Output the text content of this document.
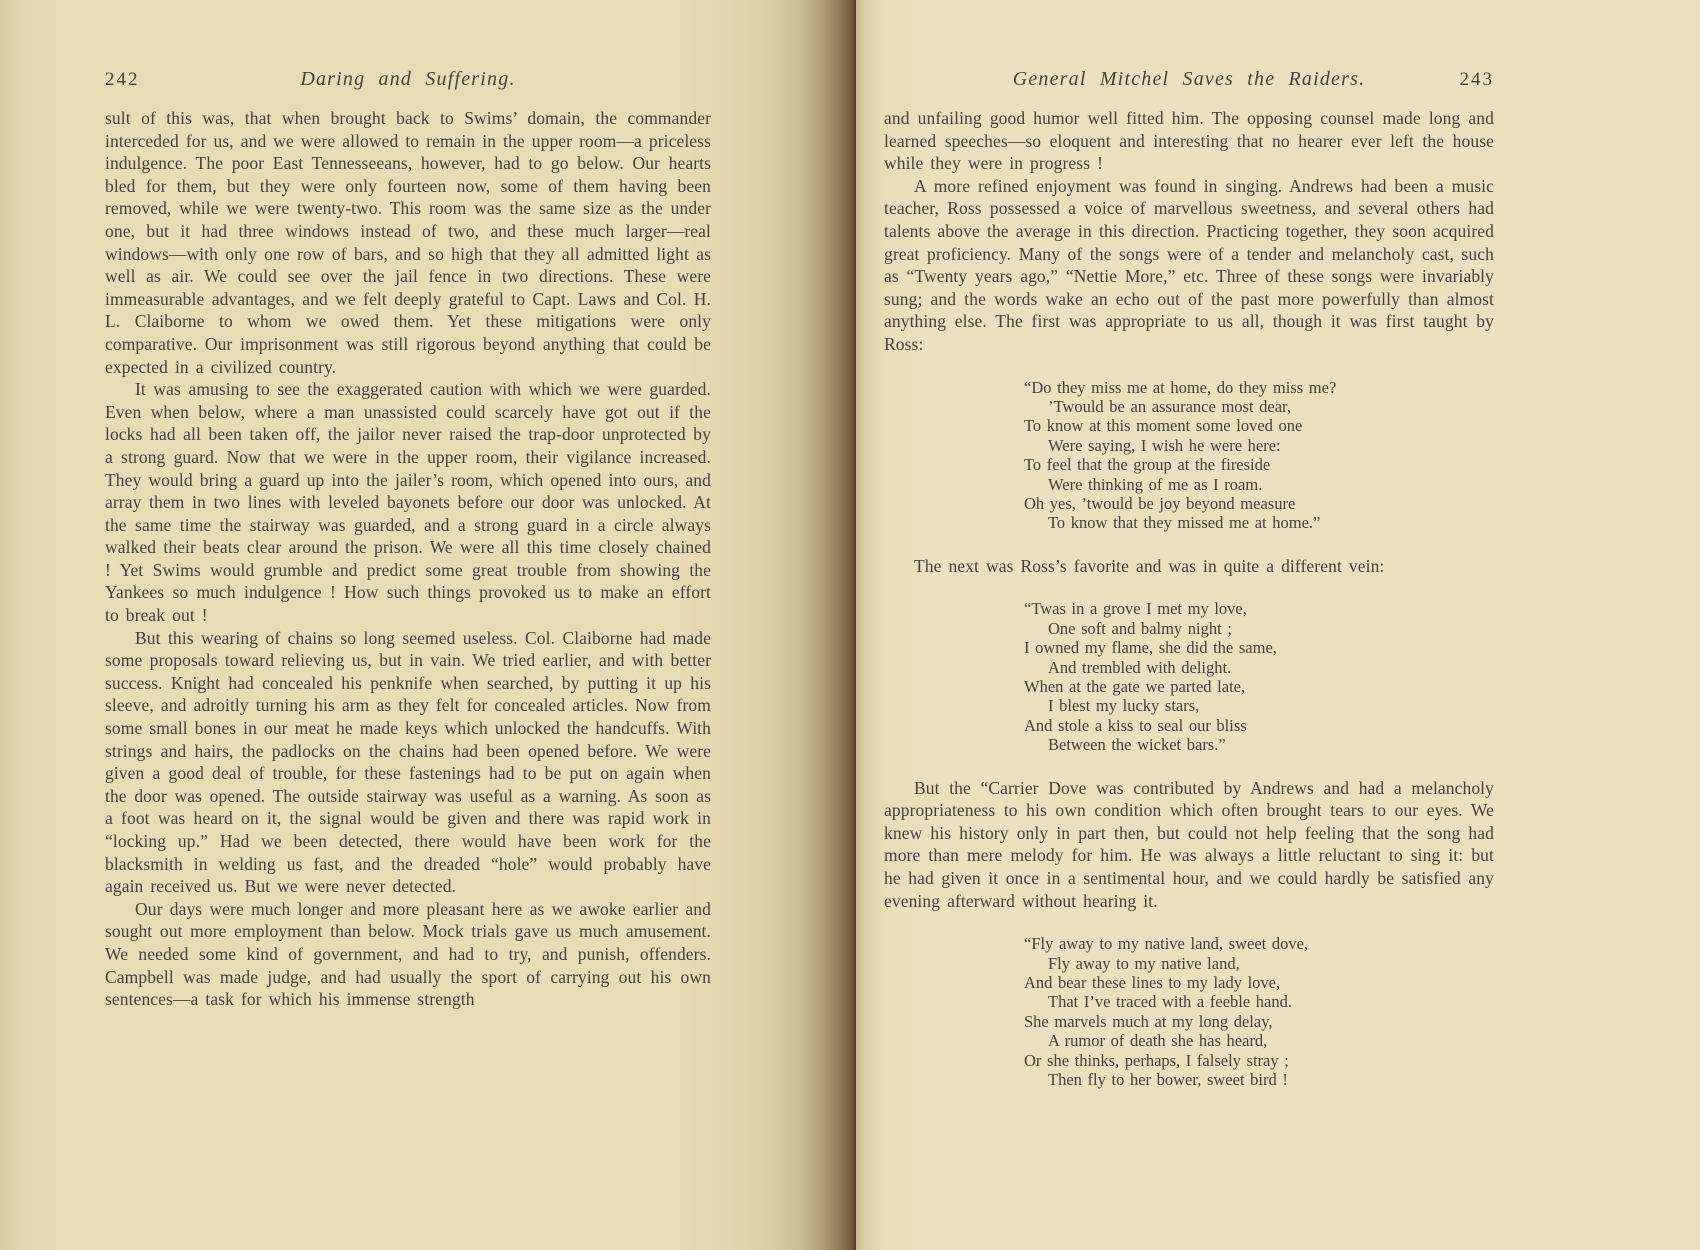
242	Daring and Suffering.

sult of this was, that when brought back to Swims’ domain, the commander interceded for us, and we were allowed to remain in the upper room—a priceless indulgence. The poor East Tennesseeans, however, had to go below. Our hearts bled for them, but they were only fourteen now, some of them having been removed, while we were twenty-two. This room was the same size as the under one, but it had three windows instead of two, and these much larger—real windows—with only one row of bars, and so high that they all admitted light as well as air. We could see over the jail fence in two directions. These were immeasurable advantages, and we felt deeply grateful to Capt. Laws and Col. H. L. Claiborne to whom we owed them. Yet these mitigations were only comparative. Our imprisonment was still rigorous beyond anything that could be expected in a civilized country.

It was amusing to see the exaggerated caution with which we were guarded. Even when below, where a man unassisted could scarcely have got out if the locks had all been taken off, the jailor never raised the trap-door unprotected by a strong guard. Now that we were in the upper room, their vigilance increased. They would bring a guard up into the jailer’s room, which opened into ours, and array them in two lines with leveled bayonets before our door was unlocked. At the same time the stairway was guarded, and a strong guard in a circle always walked their beats clear around the prison. We were all this time closely chained ! Yet Swims would grumble and predict some great trouble from showing the Yankees so much indulgence ! How such things provoked us to make an effort to break out !

But this wearing of chains so long seemed useless. Col. Claiborne had made some proposals toward relieving us, but in vain. We tried earlier, and with better success. Knight had concealed his penknife when searched, by putting it up his sleeve, and adroitly turning his arm as they felt for concealed articles. Now from some small bones in our meat he made keys which unlocked the handcuffs. With strings and hairs, the padlocks on the chains had been opened before. We were given a good deal of trouble, for these fastenings had to be put on again when the door was opened. The outside stairway was useful as a warning. As soon as a foot was heard on it, the signal would be given and there was rapid work in “locking up.” Had we been detected, there would have been work for the blacksmith in welding us fast, and the dreaded “hole” would probably have again received us. But we were never detected.

Our days were much longer and more pleasant here as we awoke earlier and sought out more employment than below. Mock trials gave us much amusement. We needed some kind of government, and had to try, and punish, offenders. Campbell was made judge, and had usually the sport of carrying out his own sentences—a task for which his immense strength

General Mitchel Saves the Raiders.	243

and unfailing good humor well fitted him. The opposing counsel made long and learned speeches—so eloquent and interesting that no hearer ever left the house while they were in progress !

A more refined enjoyment was found in singing. Andrews had been a music teacher, Ross possessed a voice of marvellous sweetness, and several others had talents above the average in this direction. Practicing together, they soon acquired great proficiency. Many of the songs were of a tender and melancholy cast, such as “Twenty years ago,” “Nettie More,” etc. Three of these songs were invariably sung; and the words wake an echo out of the past more powerfully than almost anything else. The first was appropriate to us all, though it was first taught by Ross:

“Do they miss me at home, do they miss me?
’Twould be an assurance most dear,
To know at this moment some loved one
Were saying, I wish he were here:
To feel that the group at the fireside
Were thinking of me as I roam.
Oh yes, ’twould be joy beyond measure
To know that they missed me at home.”

The next was Ross’s favorite and was in quite a different vein:

“Twas in a grove I met my love,
One soft and balmy night ;
I owned my flame, she did the same,
And trembled with delight.
When at the gate we parted late,
I blest my lucky stars,
And stole a kiss to seal our bliss
Between the wicket bars.”

But the “Carrier Dove was contributed by Andrews and had a melancholy appropriateness to his own condition which often brought tears to our eyes. We knew his history only in part then, but could not help feeling that the song had more than mere melody for him. He was always a little reluctant to sing it: but he had given it once in a sentimental hour, and we could hardly be satisfied any evening afterward without hearing it.

“Fly away to my native land, sweet dove,
Fly away to my native land,
And bear these lines to my lady love,
That I’ve traced with a feeble hand.
She marvels much at my long delay,
A rumor of death she has heard,
Or she thinks, perhaps, I falsely stray ;
Then fly to her bower, sweet bird !
